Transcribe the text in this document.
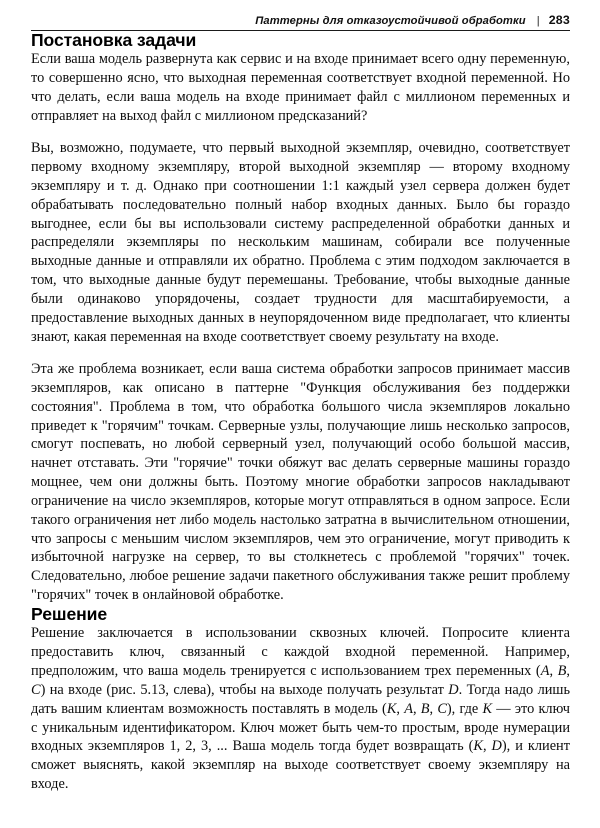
Паттерны для отказоустойчивой обработки | 283
Постановка задачи

Если ваша модель развернута как сервис и на входе принимает всего одну переменную, то совершенно ясно, что выходная переменная соответствует входной переменной. Но что делать, если ваша модель на входе принимает файл с миллионом переменных и отправляет на выход файл с миллионом предсказаний?

Вы, возможно, подумаете, что первый выходной экземпляр, очевидно, соответствует первому входному экземпляру, второй выходной экземпляр — второму входному экземпляру и т. д. Однако при соотношении 1:1 каждый узел сервера должен будет обрабатывать последовательно полный набор входных данных. Было бы гораздо выгоднее, если бы вы использовали систему распределенной обработки данных и распределяли экземпляры по нескольким машинам, собирали все полученные выходные данные и отправляли их обратно. Проблема с этим подходом заключается в том, что выходные данные будут перемешаны. Требование, чтобы выходные данные были одинаково упорядочены, создает трудности для масштабируемости, а предоставление выходных данных в неупорядоченном виде предполагает, что клиенты знают, какая переменная на входе соответствует своему результату на входе.

Эта же проблема возникает, если ваша система обработки запросов принимает массив экземпляров, как описано в паттерне "Функция обслуживания без поддержки состояния". Проблема в том, что обработка большого числа экземпляров локально приведет к "горячим" точкам. Серверные узлы, получающие лишь несколько запросов, смогут поспевать, но любой серверный узел, получающий особо большой массив, начнет отставать. Эти "горячие" точки обяжут вас делать серверные машины гораздо мощнее, чем они должны быть. Поэтому многие обработки запросов накладывают ограничение на число экземпляров, которые могут отправляться в одном запросе. Если такого ограничения нет либо модель настолько затратна в вычислительном отношении, что запросы с меньшим числом экземпляров, чем это ограничение, могут приводить к избыточной нагрузке на сервер, то вы столкнетесь с проблемой "горячих" точек. Следовательно, любое решение задачи пакетного обслуживания также решит проблему "горячих" точек в онлайновой обработке.

Решение

Решение заключается в использовании сквозных ключей. Попросите клиента предоставить ключ, связанный с каждой входной переменной. Например, предположим, что ваша модель тренируется с использованием трех переменных (A, B, C) на входе (рис. 5.13, слева), чтобы на выходе получать результат D. Тогда надо лишь дать вашим клиентам возможность поставлять в модель (K, A, B, C), где K — это ключ с уникальным идентификатором. Ключ может быть чем-то простым, вроде нумерации входных экземпляров 1, 2, 3, ... Ваша модель тогда будет возвращать (K, D), и клиент сможет выяснять, какой экземпляр на выходе соответствует своему экземпляру на входе.
